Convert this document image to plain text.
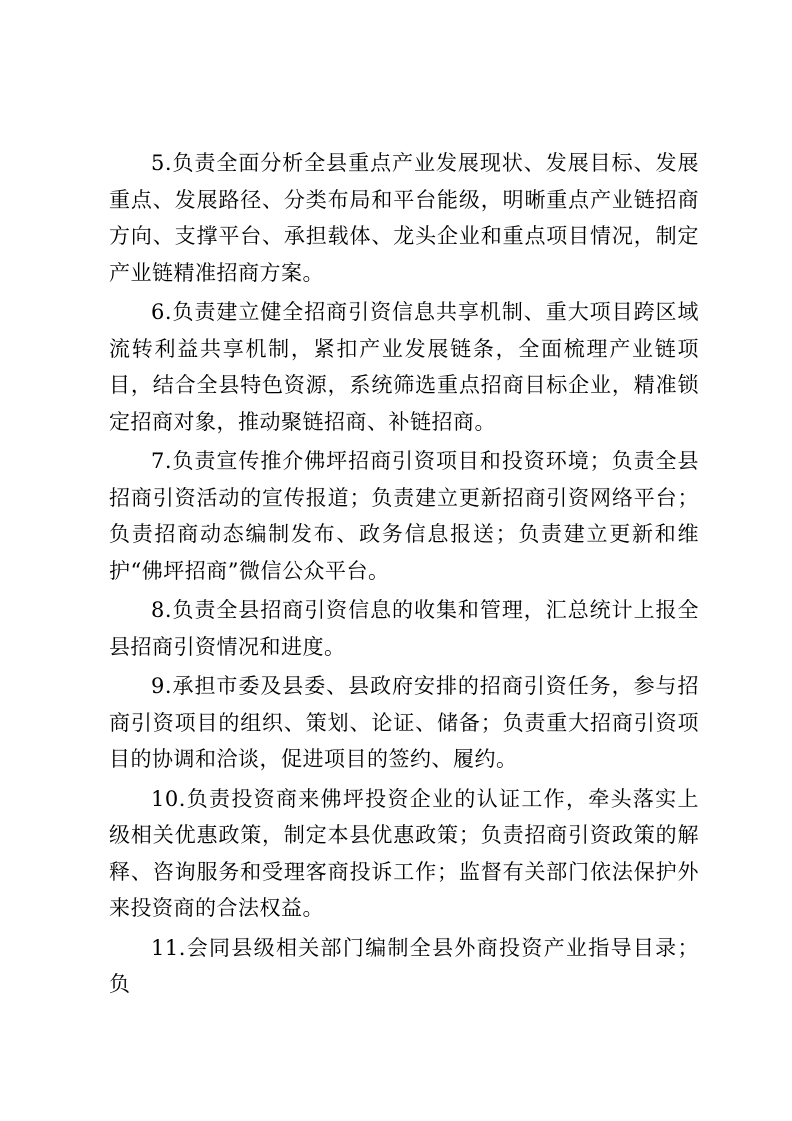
5.负责全面分析全县重点产业发展现状、发展目标、发展重点、发展路径、分类布局和平台能级，明晰重点产业链招商方向、支撑平台、承担载体、龙头企业和重点项目情况，制定产业链精准招商方案。

6.负责建立健全招商引资信息共享机制、重大项目跨区域流转利益共享机制，紧扣产业发展链条，全面梳理产业链项目，结合全县特色资源，系统筛选重点招商目标企业，精准锁定招商对象，推动聚链招商、补链招商。

7.负责宣传推介佛坪招商引资项目和投资环境；负责全县招商引资活动的宣传报道；负责建立更新招商引资网络平台；负责招商动态编制发布、政务信息报送；负责建立更新和维护“佛坪招商”微信公众平台。

8.负责全县招商引资信息的收集和管理，汇总统计上报全县招商引资情况和进度。

9.承担市委及县委、县政府安排的招商引资任务，参与招商引资项目的组织、策划、论证、储备；负责重大招商引资项目的协调和洽谈，促进项目的签约、履约。

10.负责投资商来佛坪投资企业的认证工作，牵头落实上级相关优惠政策，制定本县优惠政策；负责招商引资政策的解释、咨询服务和受理客商投诉工作；监督有关部门依法保护外来投资商的合法权益。

11.会同县级相关部门编制全县外商投资产业指导目录；负
